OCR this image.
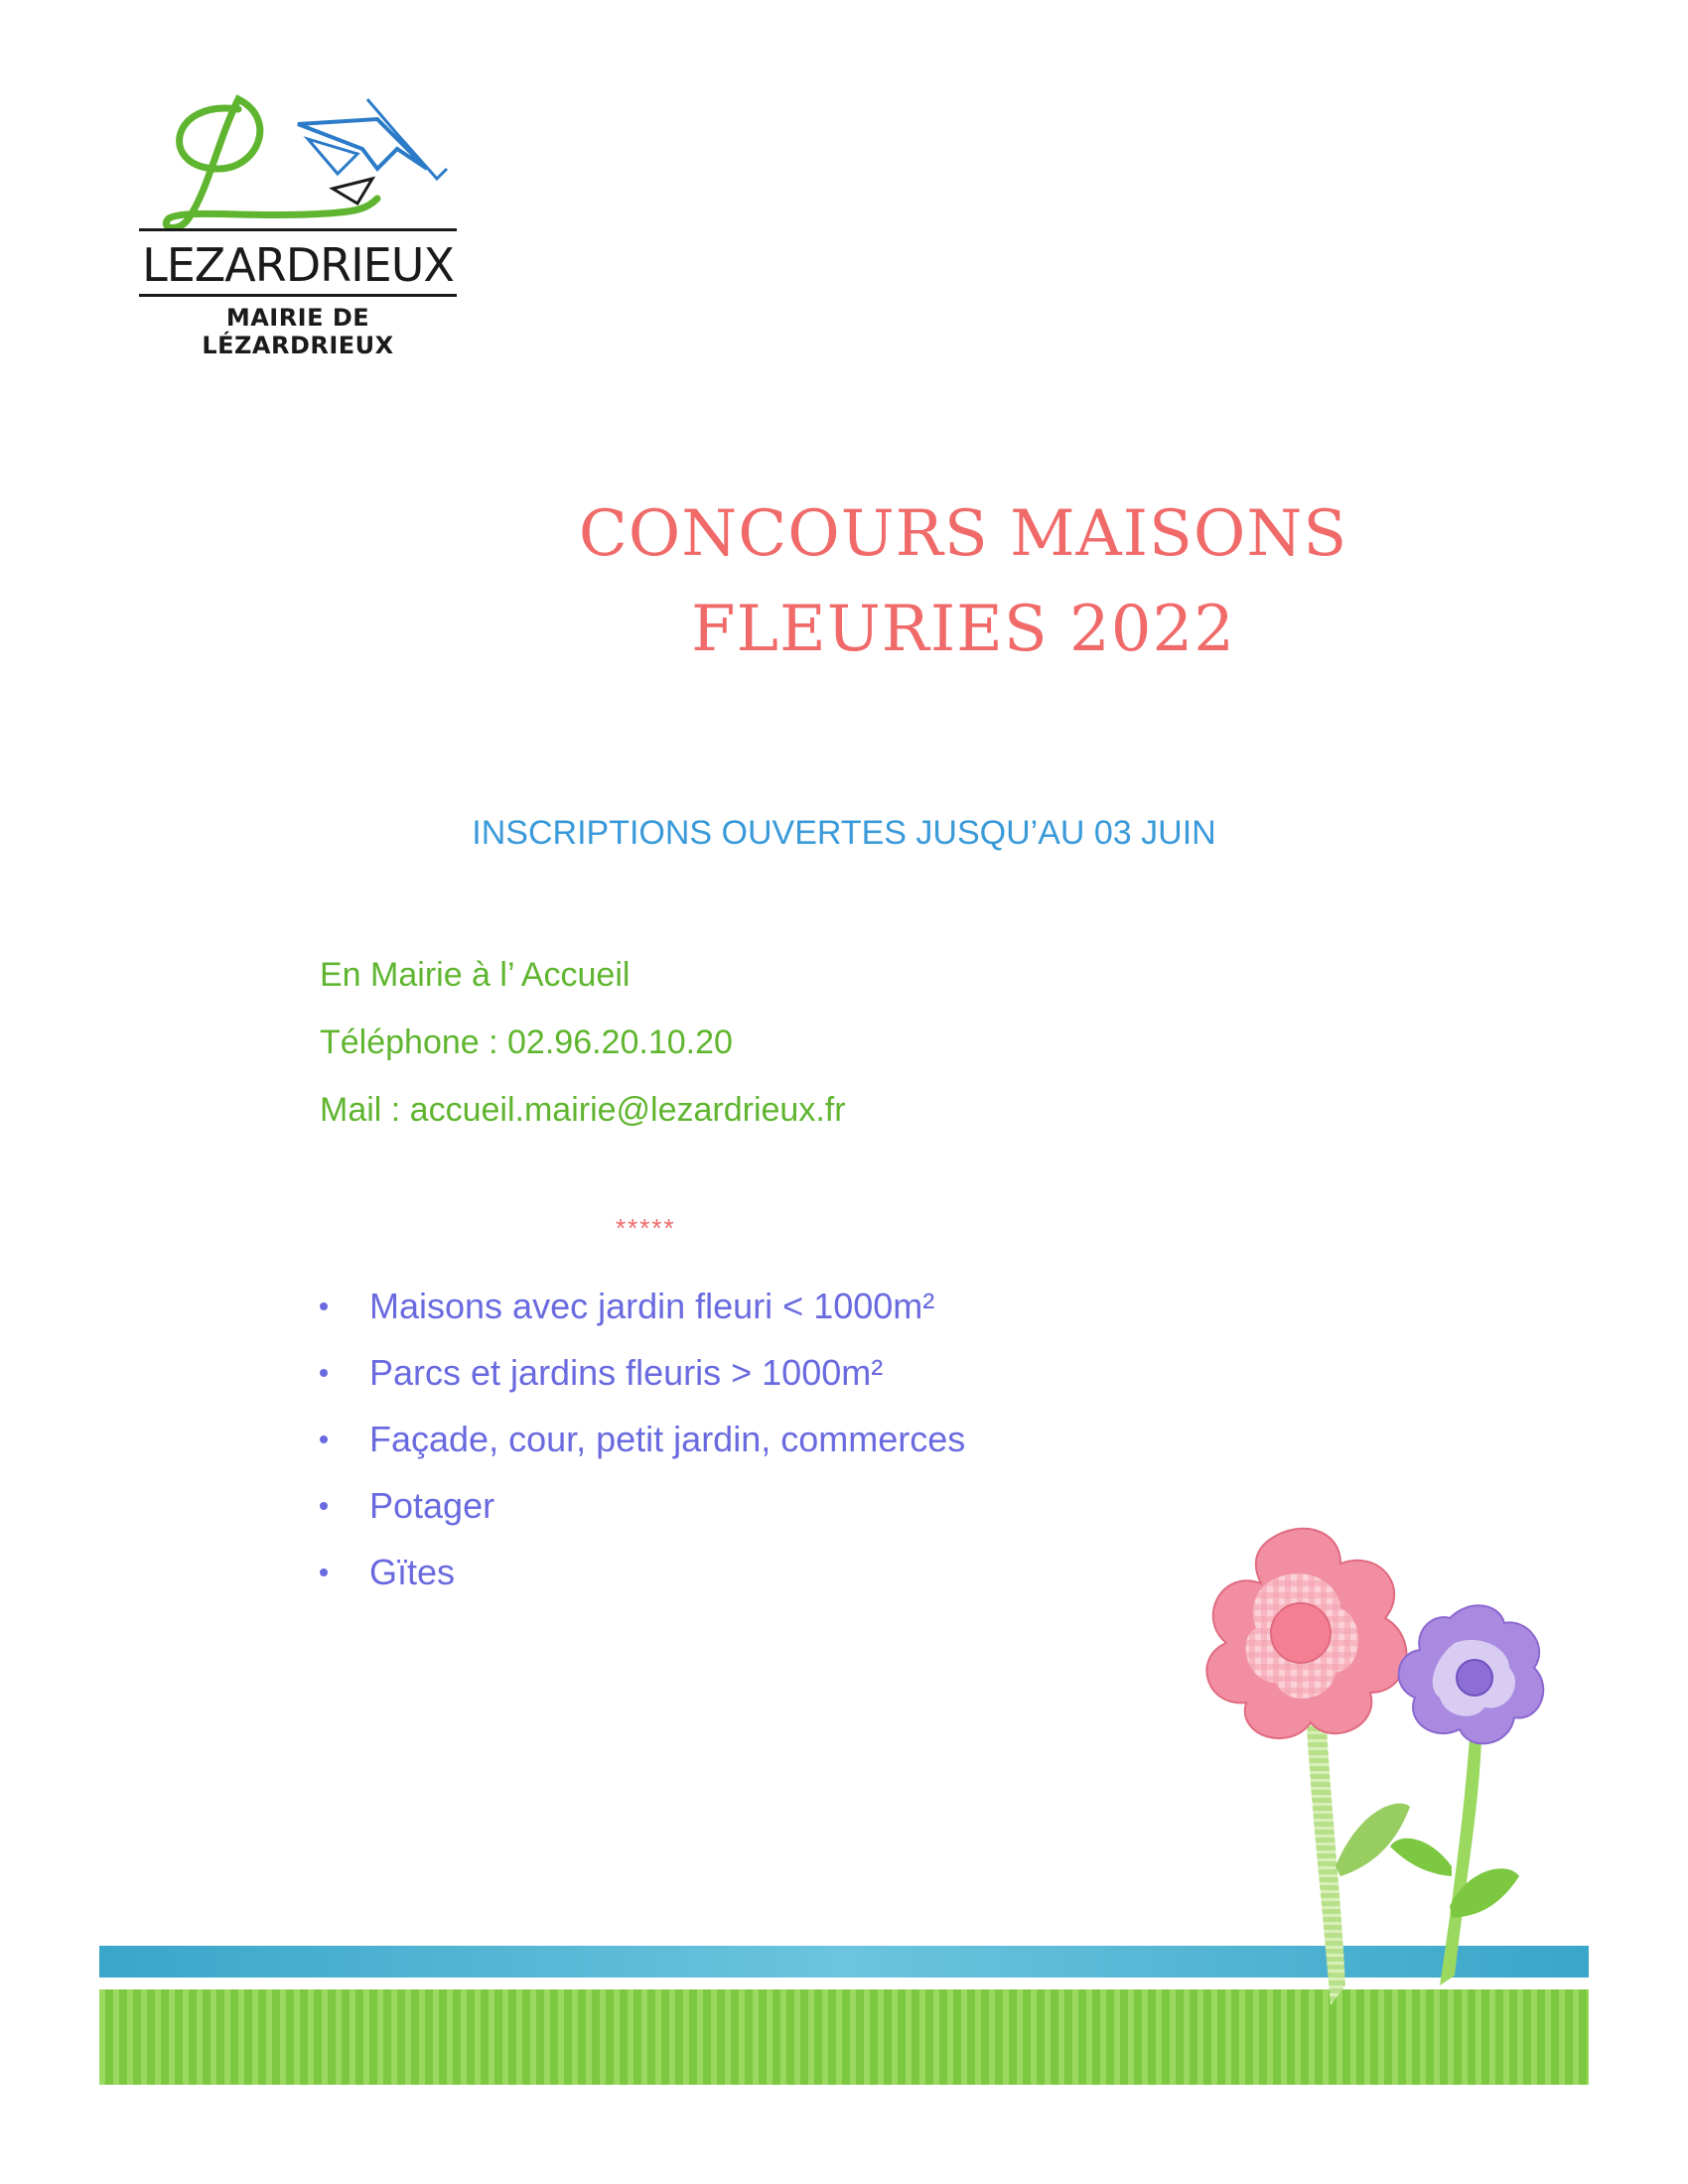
LEZARDRIEUX
MAIRIE DE LÉZARDRIEUX
CONCOURS MAISONS
FLEURIES 2022
INSCRIPTIONS OUVERTES JUSQU’AU 03 JUIN
En Mairie à l’ Accueil
Téléphone : 02.96.20.10.20
Mail : accueil.mairie@lezardrieux.fr
*****
Maisons avec jardin fleuri < 1000m²
Parcs et jardins fleuris > 1000m²
Façade, cour, petit jardin, commerces
Potager
Gïtes
